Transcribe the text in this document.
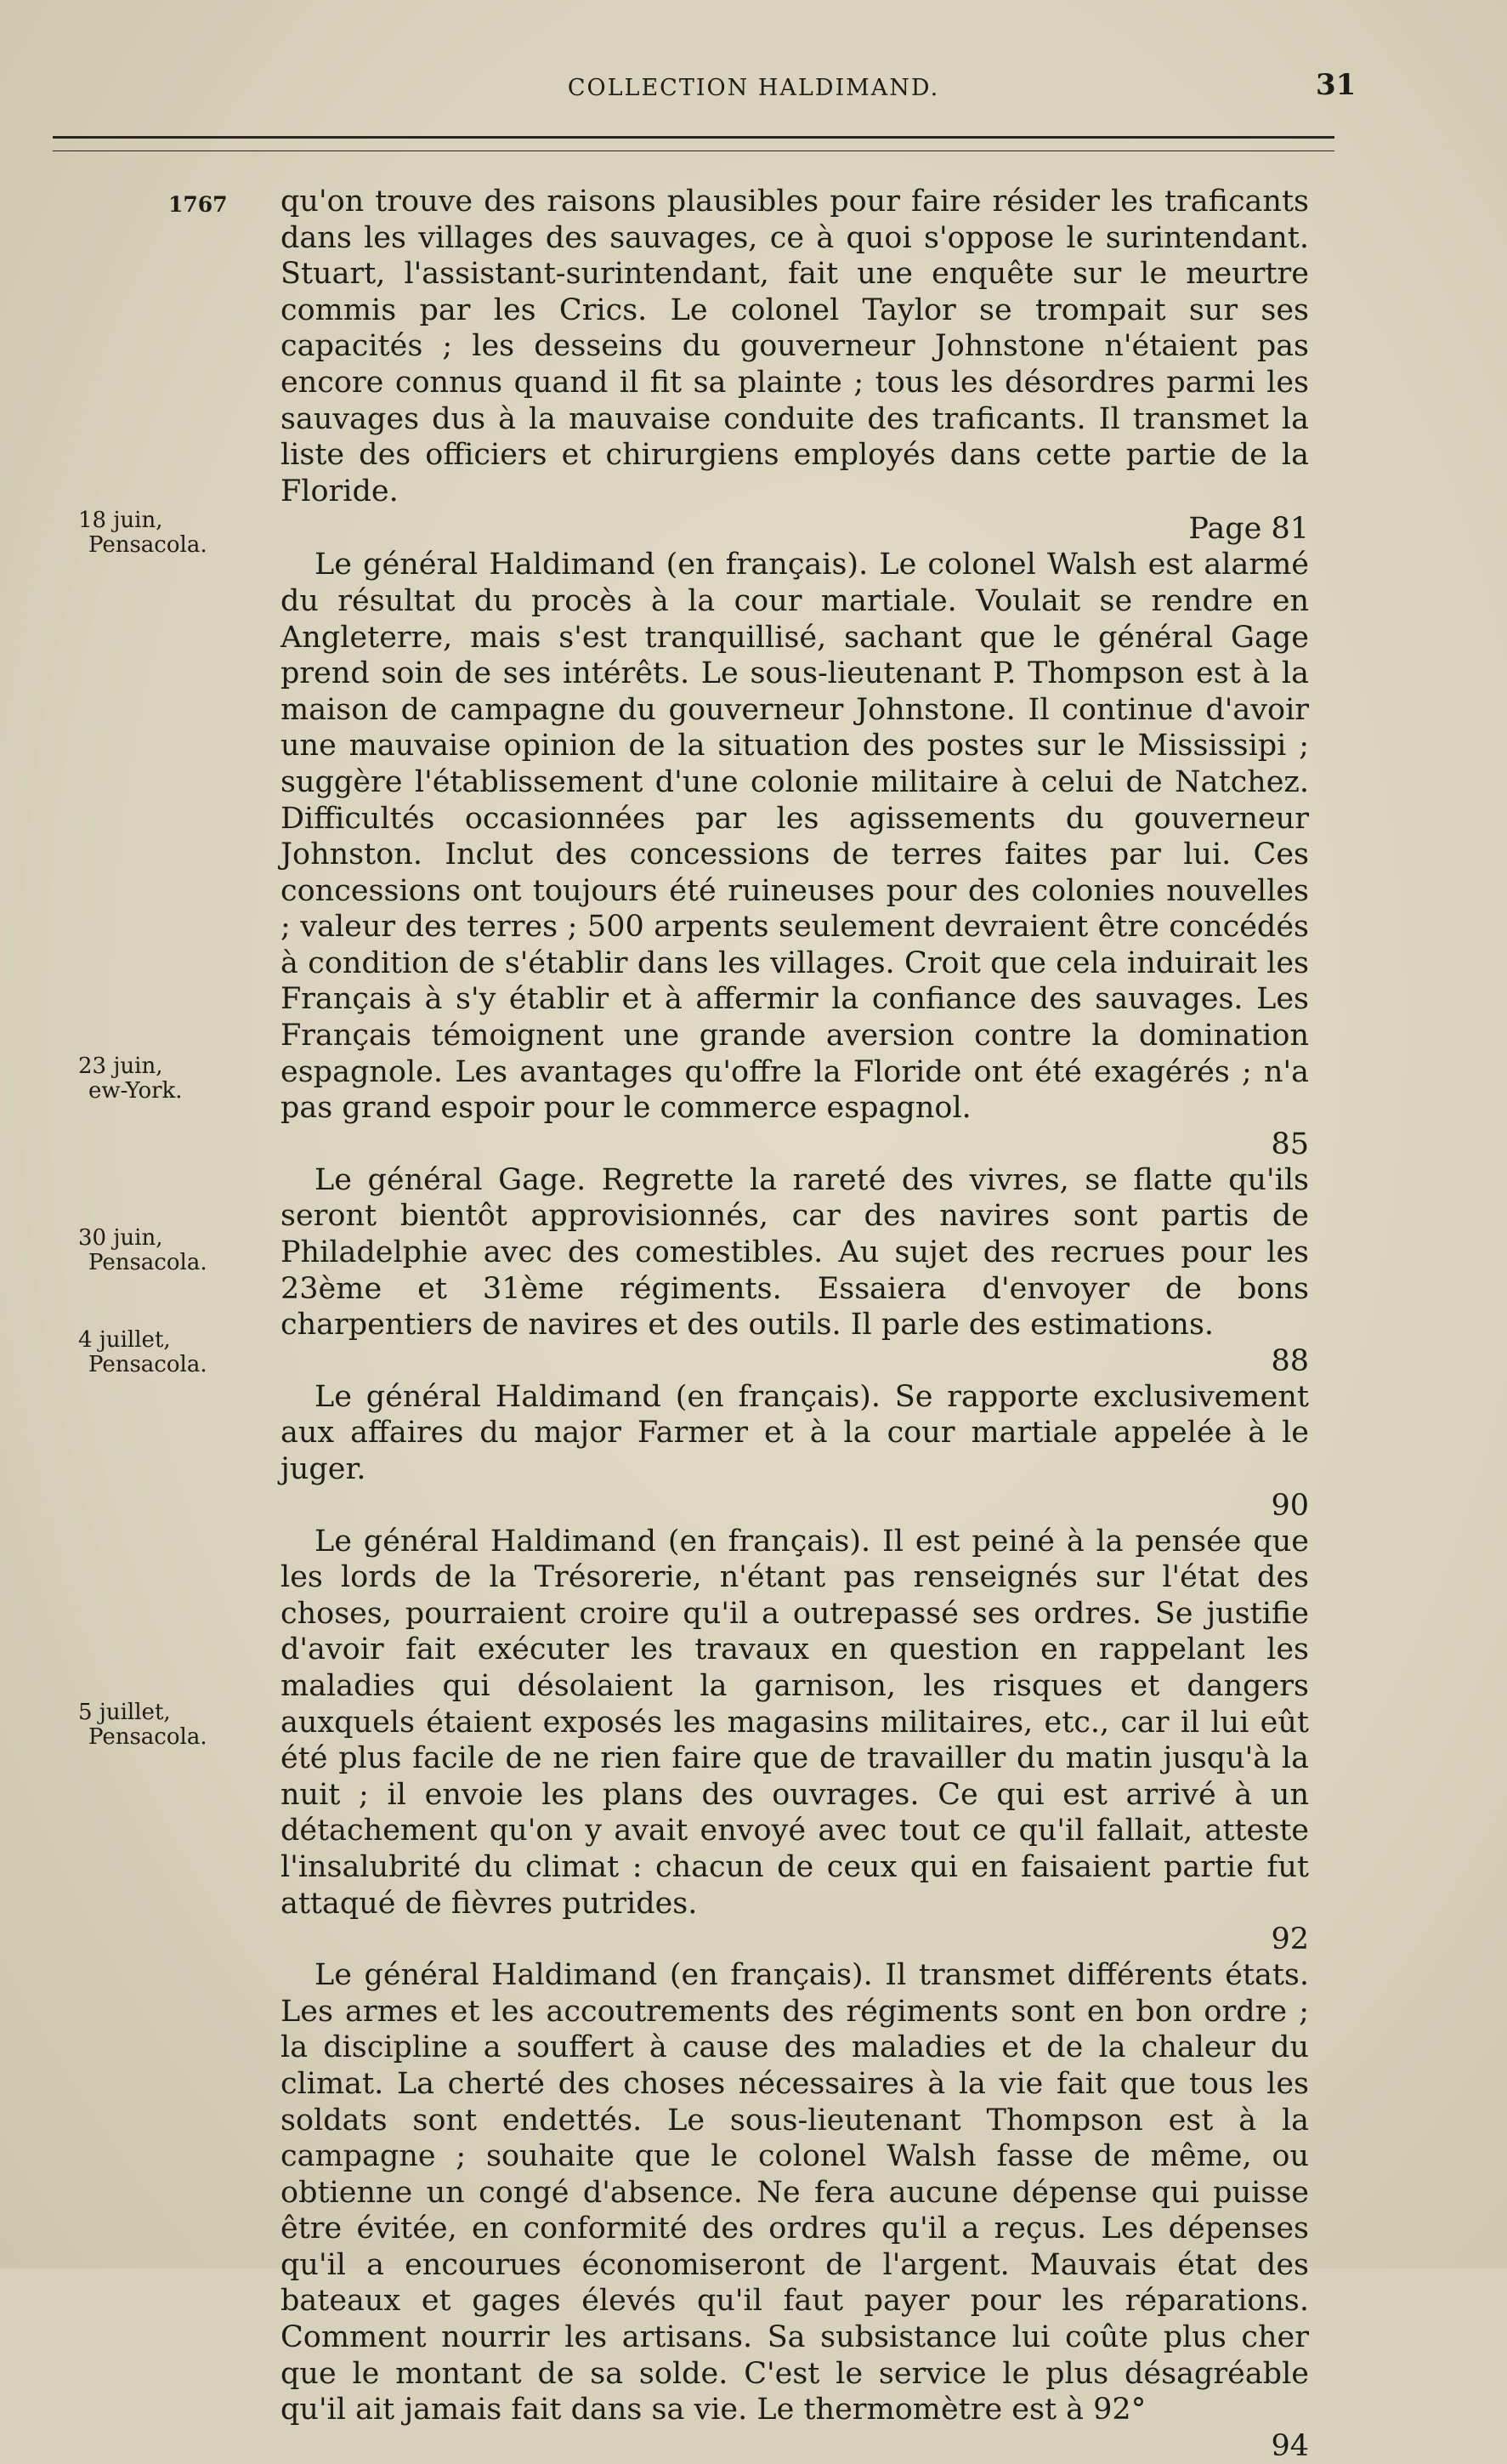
COLLECTION HALDIMAND.	31
1767
18 juin,
Pensacola.
23 juin,
ew-York.
30 juin,
Pensacola.
4 juillet,
Pensacola.
5 juillet,
Pensacola.

qu'on trouve des raisons plausibles pour faire résider les traficants dans les villages des sauvages, ce à quoi s'oppose le surintendant. Stuart, l'assistant-surintendant, fait une enquête sur le meurtre commis par les Crics. Le colonel Taylor se trompait sur ses capacités ; les desseins du gouverneur Johnstone n'étaient pas encore connus quand il fit sa plainte ; tous les désordres parmi les sauvages dus à la mauvaise conduite des traficants. Il transmet la liste des officiers et chirurgiens employés dans cette partie de la Floride.

Page 81

Le général Haldimand (en français). Le colonel Walsh est alarmé du résultat du procès à la cour martiale. Voulait se rendre en Angleterre, mais s'est tranquillisé, sachant que le général Gage prend soin de ses intérêts. Le sous-lieutenant P. Thompson est à la maison de campagne du gouverneur Johnstone. Il continue d'avoir une mauvaise opinion de la situation des postes sur le Mississipi ; suggère l'établissement d'une colonie militaire à celui de Natchez. Difficultés occasionnées par les agissements du gouverneur Johnston. Inclut des concessions de terres faites par lui. Ces concessions ont toujours été ruineuses pour des colonies nouvelles ; valeur des terres ; 500 arpents seulement devraient être concédés à condition de s'établir dans les villages. Croit que cela induirait les Français à s'y établir et à affermir la confiance des sauvages. Les Français témoignent une grande aversion contre la domination espagnole. Les avantages qu'offre la Floride ont été exagérés ; n'a pas grand espoir pour le commerce espagnol.

85

Le général Gage. Regrette la rareté des vivres, se flatte qu'ils seront bientôt approvisionnés, car des navires sont partis de Philadelphie avec des comestibles. Au sujet des recrues pour les 23ème et 31ème régiments. Essaiera d'envoyer de bons charpentiers de navires et des outils. Il parle des estimations.

88

Le général Haldimand (en français). Se rapporte exclusivement aux affaires du major Farmer et à la cour martiale appelée à le juger.

90

Le général Haldimand (en français). Il est peiné à la pensée que les lords de la Trésorerie, n'étant pas renseignés sur l'état des choses, pourraient croire qu'il a outrepassé ses ordres. Se justifie d'avoir fait exécuter les travaux en question en rappelant les maladies qui désolaient la garnison, les risques et dangers auxquels étaient exposés les magasins militaires, etc., car il lui eût été plus facile de ne rien faire que de travailler du matin jusqu'à la nuit ; il envoie les plans des ouvrages. Ce qui est arrivé à un détachement qu'on y avait envoyé avec tout ce qu'il fallait, atteste l'insalubrité du climat : chacun de ceux qui en faisaient partie fut attaqué de fièvres putrides.

92

Le général Haldimand (en français). Il transmet différents états. Les armes et les accoutrements des régiments sont en bon ordre ; la discipline a souffert à cause des maladies et de la chaleur du climat. La cherté des choses nécessaires à la vie fait que tous les soldats sont endettés. Le sous-lieutenant Thompson est à la campagne ; souhaite que le colonel Walsh fasse de même, ou obtienne un congé d'absence. Ne fera aucune dépense qui puisse être évitée, en conformité des ordres qu'il a reçus. Les dépenses qu'il a encourues économiseront de l'argent. Mauvais état des bateaux et gages élevés qu'il faut payer pour les réparations. Comment nourrir les artisans. Sa subsistance lui coûte plus cher que le montant de sa solde. C'est le service le plus désagréable qu'il ait jamais fait dans sa vie. Le thermomètre est à 92°

94
